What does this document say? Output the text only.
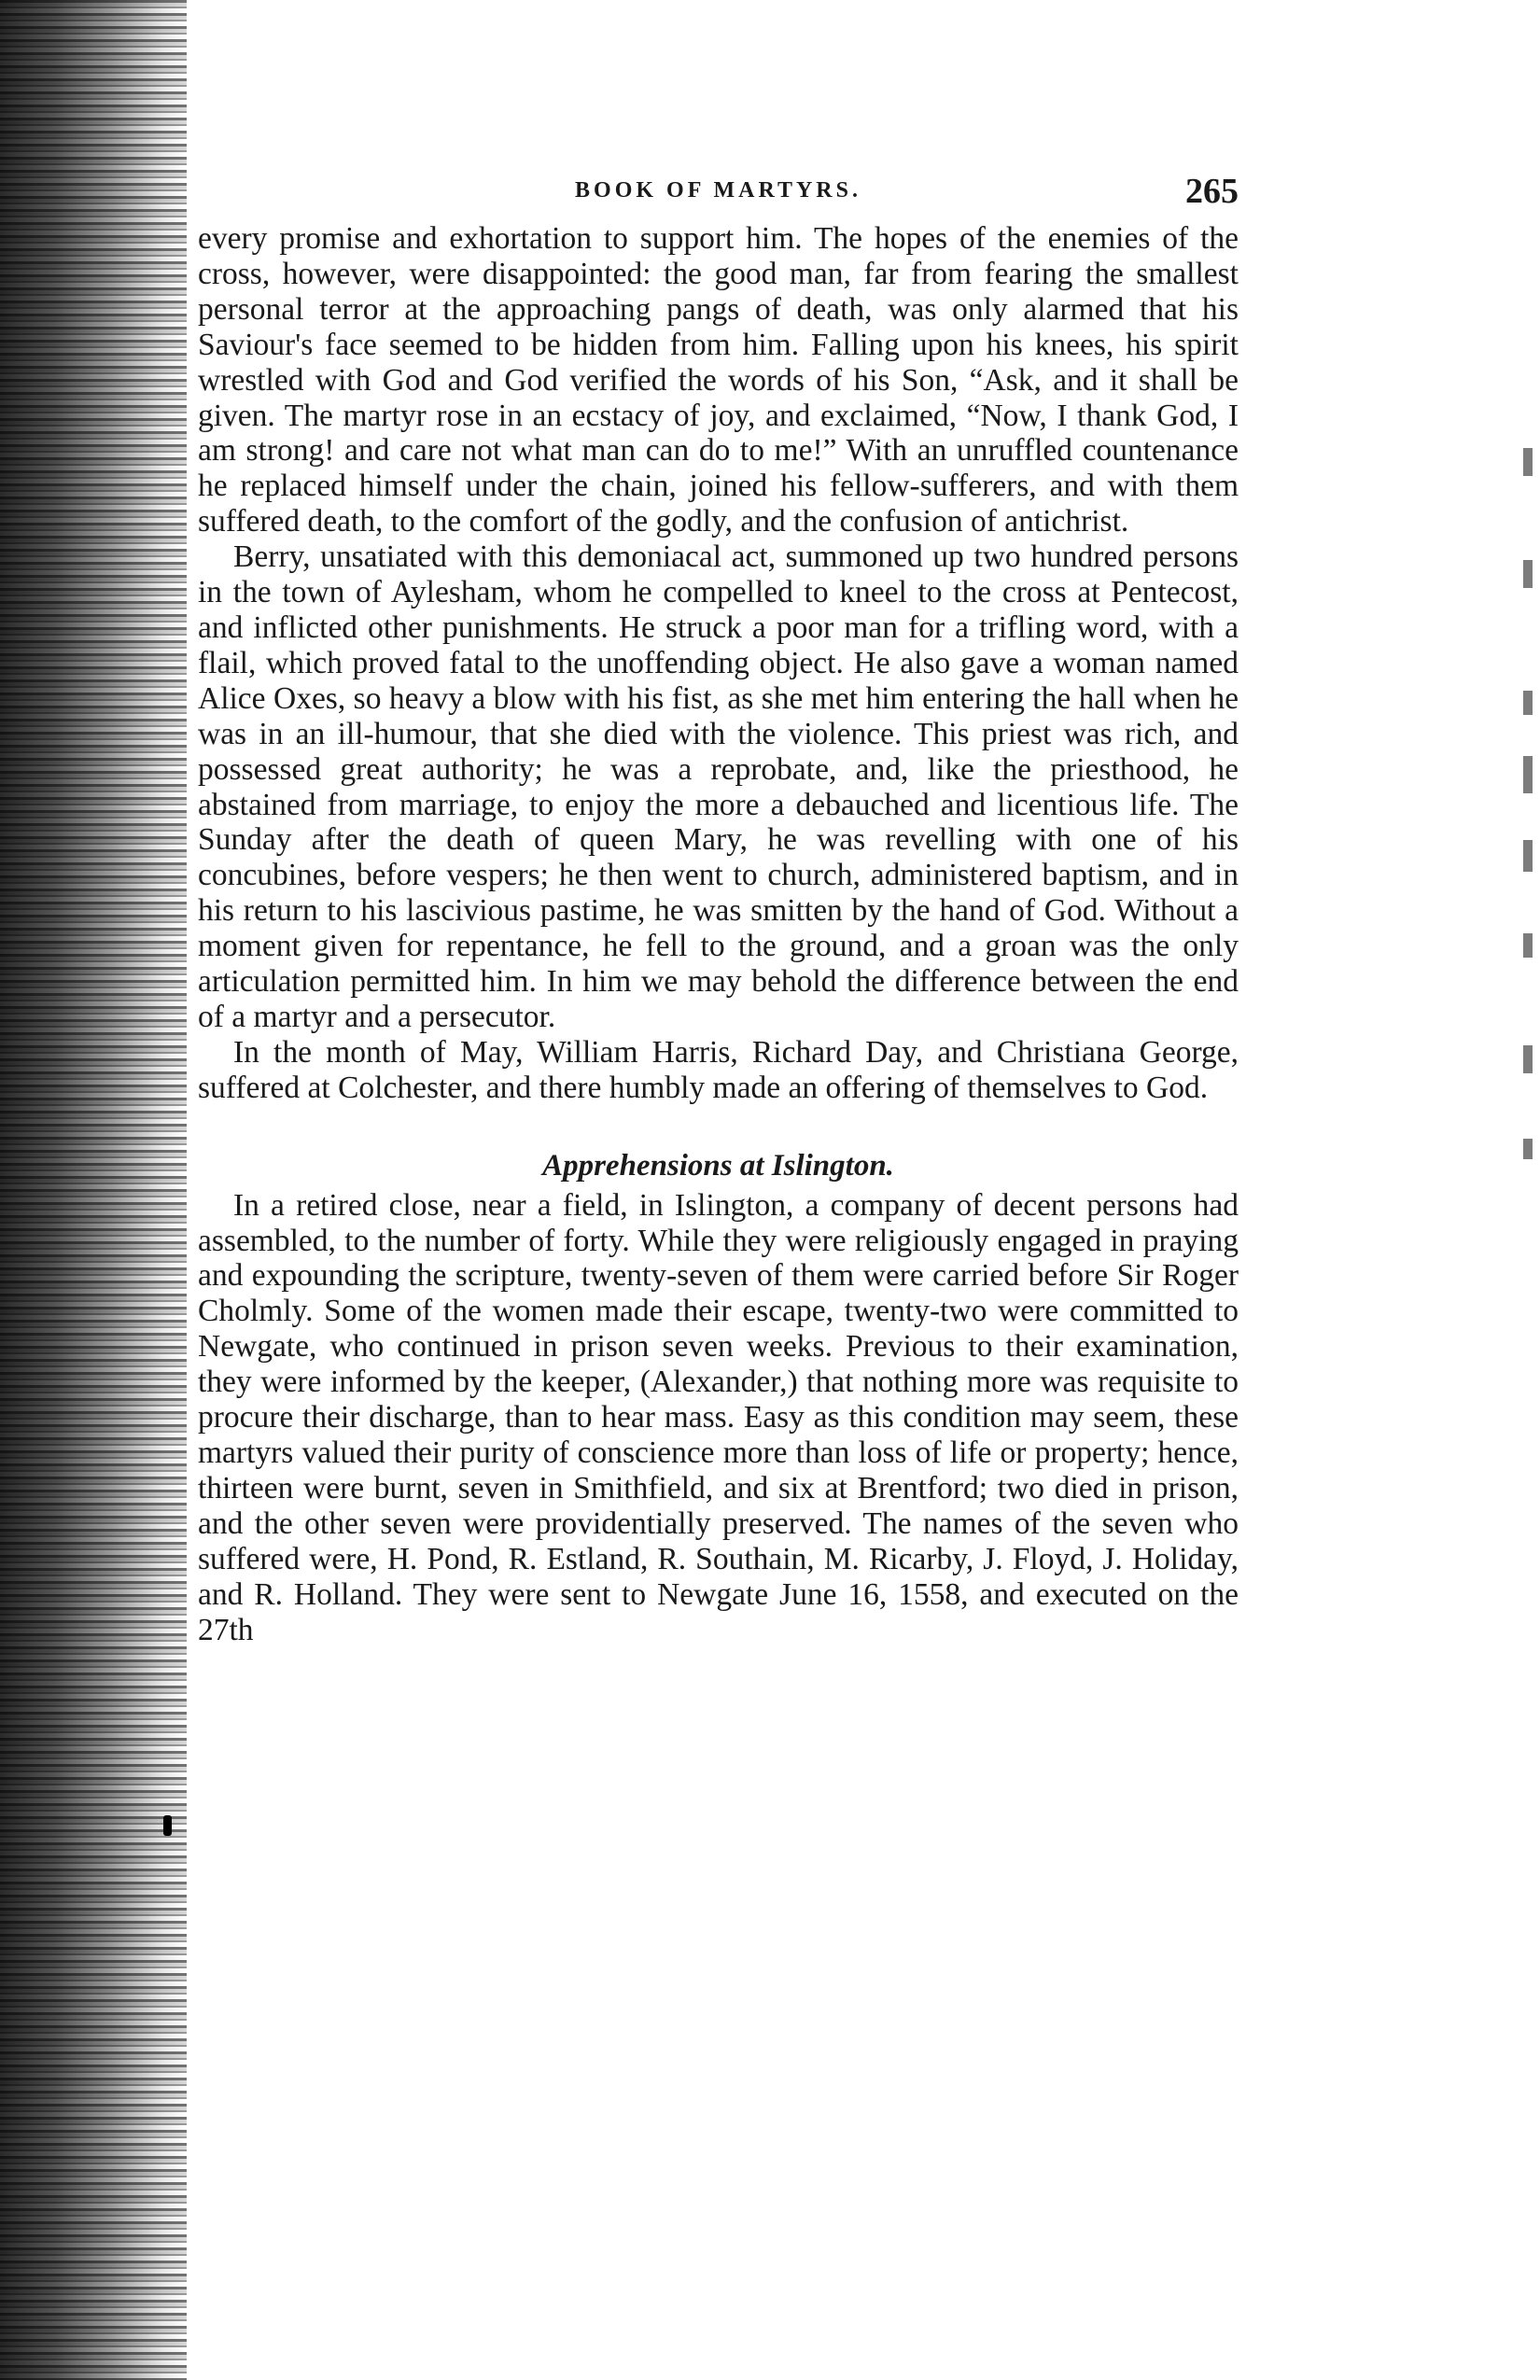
BOOK OF MARTYRS.	265

every promise and exhortation to support him. The hopes of the enemies of the cross, however, were disappointed: the good man, far from fearing the smallest personal terror at the approaching pangs of death, was only alarmed that his Saviour's face seemed to be hidden from him. Falling upon his knees, his spirit wrestled with God and God verified the words of his Son, “Ask, and it shall be given. The martyr rose in an ecstacy of joy, and exclaimed, “Now, I thank God, I am strong! and care not what man can do to me!” With an unruffled countenance he replaced himself under the chain, joined his fellow-sufferers, and with them suffered death, to the comfort of the godly, and the confusion of antichrist.

Berry, unsatiated with this demoniacal act, summoned up two hundred persons in the town of Aylesham, whom he compelled to kneel to the cross at Pentecost, and inflicted other punishments. He struck a poor man for a trifling word, with a flail, which proved fatal to the unoffending object. He also gave a woman named Alice Oxes, so heavy a blow with his fist, as she met him entering the hall when he was in an ill-humour, that she died with the violence. This priest was rich, and possessed great authority; he was a reprobate, and, like the priesthood, he abstained from marriage, to enjoy the more a debauched and licentious life. The Sunday after the death of queen Mary, he was revelling with one of his concubines, before vespers; he then went to church, administered baptism, and in his return to his lascivious pastime, he was smitten by the hand of God. Without a moment given for repentance, he fell to the ground, and a groan was the only articulation permitted him. In him we may behold the difference between the end of a martyr and a persecutor.

In the month of May, William Harris, Richard Day, and Christiana George, suffered at Colchester, and there humbly made an offering of themselves to God.

Apprehensions at Islington.

In a retired close, near a field, in Islington, a company of decent persons had assembled, to the number of forty. While they were religiously engaged in praying and expounding the scripture, twenty-seven of them were carried before Sir Roger Cholmly. Some of the women made their escape, twenty-two were committed to Newgate, who continued in prison seven weeks. Previous to their examination, they were informed by the keeper, (Alexander,) that nothing more was requisite to procure their discharge, than to hear mass. Easy as this condition may seem, these martyrs valued their purity of conscience more than loss of life or property; hence, thirteen were burnt, seven in Smithfield, and six at Brentford; two died in prison, and the other seven were providentially preserved. The names of the seven who suffered were, H. Pond, R. Estland, R. Southain, M. Ricarby, J. Floyd, J. Holiday, and R. Holland. They were sent to Newgate June 16, 1558, and executed on the 27th
